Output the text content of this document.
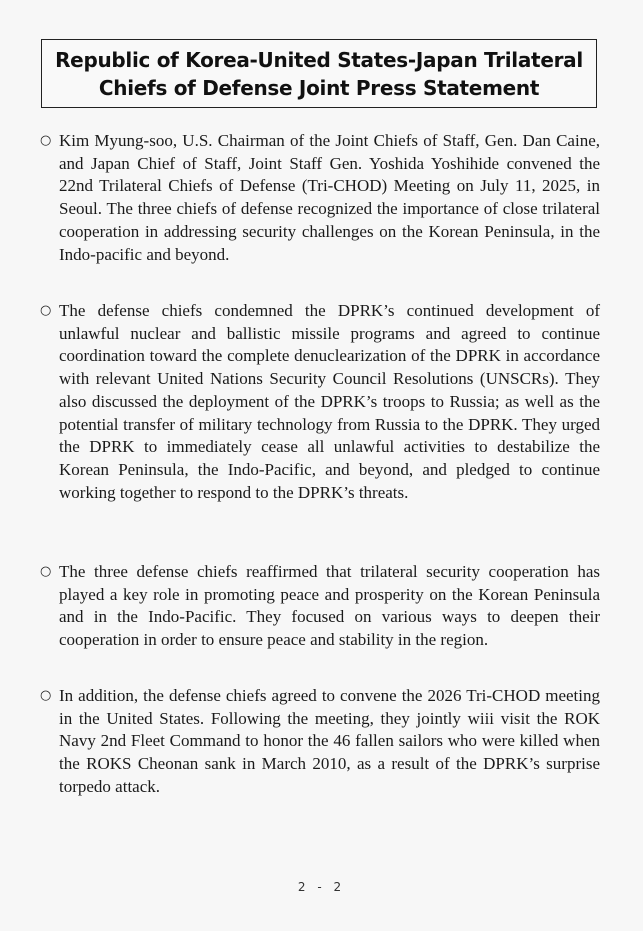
Republic of Korea-United States-Japan Trilateral
Chiefs of Defense Joint Press Statement
○ Kim Myung-soo, U.S. Chairman of the Joint Chiefs of Staff, Gen. Dan Caine, and Japan Chief of Staff, Joint Staff Gen. Yoshida Yoshihide convened the 22nd Trilateral Chiefs of Defense (Tri-CHOD) Meeting on July 11, 2025, in Seoul. The three chiefs of defense recognized the importance of close trilateral cooperation in addressing security challenges on the Korean Peninsula, in the Indo-pacific and beyond.
○ The defense chiefs condemned the DPRK’s continued development of unlawful nuclear and ballistic missile programs and agreed to continue coordination toward the complete denuclearization of the DPRK in accordance with relevant United Nations Security Council Resolutions (UNSCRs). They also discussed the deployment of the DPRK’s troops to Russia; as well as the potential transfer of military technology from Russia to the DPRK. They urged the DPRK to immediately cease all unlawful activities to destabilize the Korean Peninsula, the Indo-Pacific, and beyond, and pledged to continue working together to respond to the DPRK’s threats.
○ The three defense chiefs reaffirmed that trilateral security cooperation has played a key role in promoting peace and prosperity on the Korean Peninsula and in the Indo-Pacific. They focused on various ways to deepen their cooperation in order to ensure peace and stability in the region.
○ In addition, the defense chiefs agreed to convene the 2026 Tri-CHOD meeting in the United States. Following the meeting, they jointly wiii visit the ROK Navy 2nd Fleet Command to honor the 46 fallen sailors who were killed when the ROKS Cheonan sank in March 2010, as a result of the DPRK’s surprise torpedo attack.
2 - 2
